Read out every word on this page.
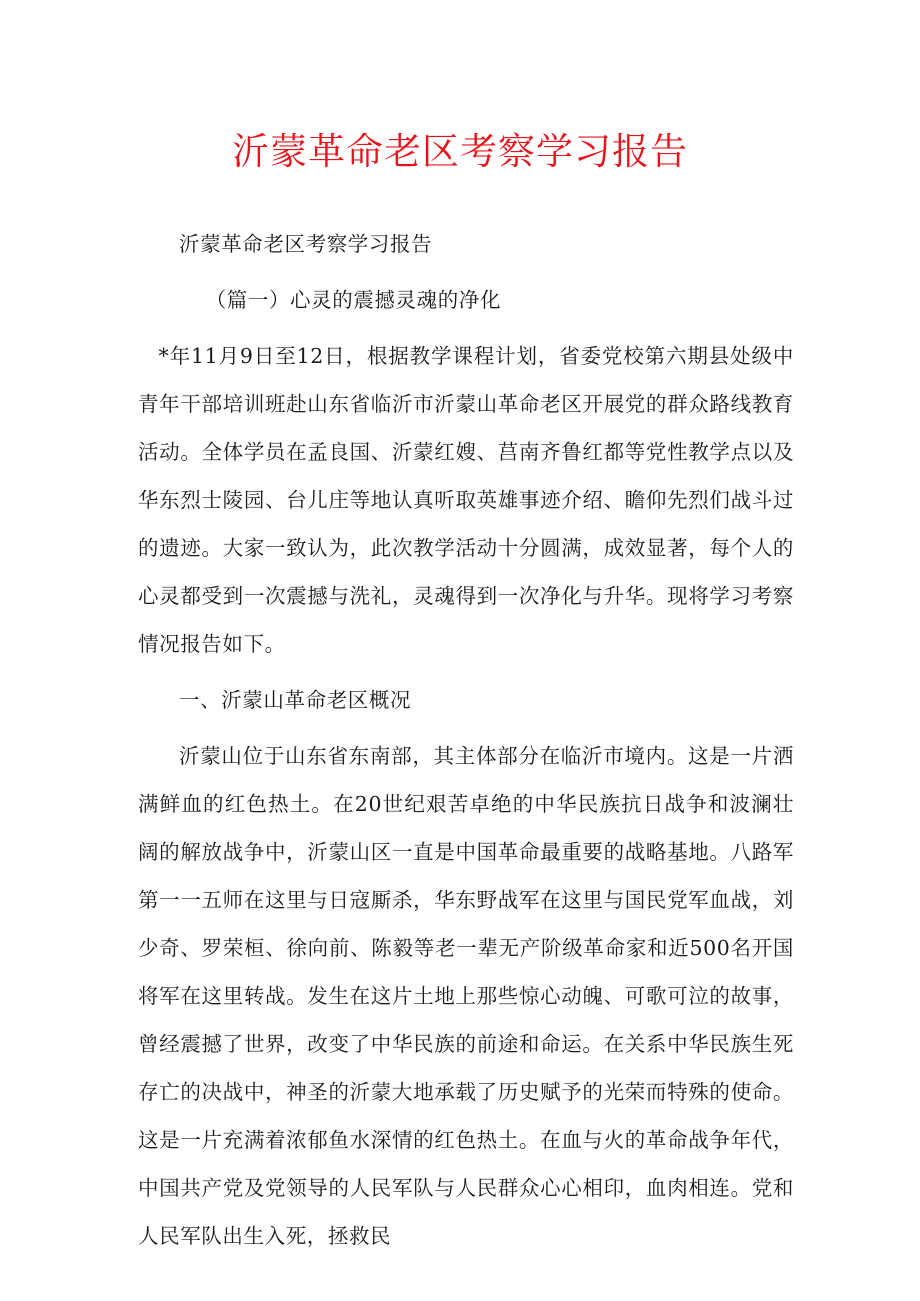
沂蒙革命老区考察学习报告

沂蒙革命老区考察学习报告

（篇一）心灵的震撼灵魂的净化

*年11月9日至12日，根据教学课程计划，省委党校第六期县处级中青年干部培训班赴山东省临沂市沂蒙山革命老区开展党的群众路线教育活动。全体学员在孟良国、沂蒙红嫂、莒南齐鲁红都等党性教学点以及华东烈士陵园、台儿庄等地认真听取英雄事迹介绍、瞻仰先烈们战斗过的遗迹。大家一致认为，此次教学活动十分圆满，成效显著，每个人的心灵都受到一次震撼与洗礼，灵魂得到一次净化与升华。现将学习考察情况报告如下。

一、沂蒙山革命老区概况

沂蒙山位于山东省东南部，其主体部分在临沂市境内。这是一片洒满鲜血的红色热土。在20世纪艰苦卓绝的中华民族抗日战争和波澜壮阔的解放战争中，沂蒙山区一直是中国革命最重要的战略基地。八路军第一一五师在这里与日寇厮杀，华东野战军在这里与国民党军血战，刘少奇、罗荣桓、徐向前、陈毅等老一辈无产阶级革命家和近500名开国将军在这里转战。发生在这片土地上那些惊心动魄、可歌可泣的故事，曾经震撼了世界，改变了中华民族的前途和命运。在关系中华民族生死存亡的决战中，神圣的沂蒙大地承载了历史赋予的光荣而特殊的使命。这是一片充满着浓郁鱼水深情的红色热土。在血与火的革命战争年代，中国共产党及党领导的人民军队与人民群众心心相印，血肉相连。党和人民军队出生入死，拯救民
